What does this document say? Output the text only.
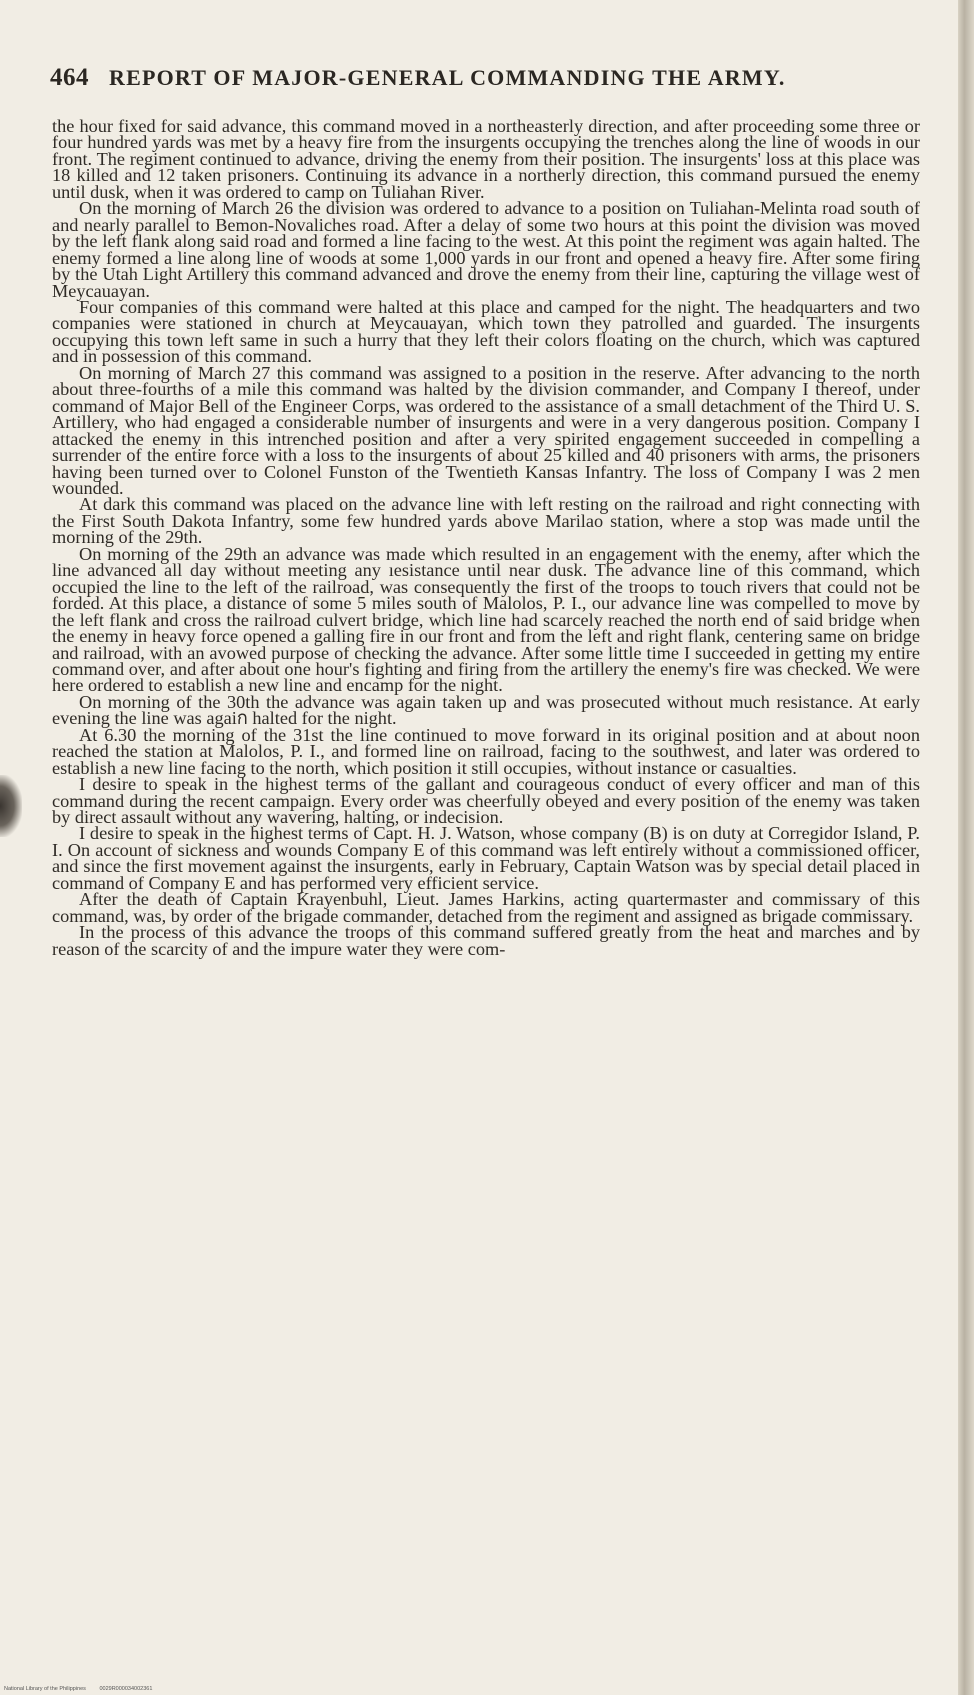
464 REPORT OF MAJOR-GENERAL COMMANDING THE ARMY.

the hour fixed for said advance, this command moved in a northeasterly direction, and after proceeding some three or four hundred yards was met by a heavy fire from the insurgents occupying the trenches along the line of woods in our front. The regiment continued to advance, driving the enemy from their position. The insurgents' loss at this place was 18 killed and 12 taken prisoners. Continuing its advance in a northerly direction, this command pursued the enemy until dusk, when it was ordered to camp on Tuliahan River.

On the morning of March 26 the division was ordered to advance to a position on Tuliahan-Melinta road south of and nearly parallel to Bemon-Novaliches road. After a delay of some two hours at this point the division was moved by the left flank along said road and formed a line facing to the west. At this point the regiment wɑs again halted. The enemy formed a line along line of woods at some 1,000 yards in our front and opened a heavy fire. After some firing by the Utah Light Artillery this command advanced and drove the enemy from their line, capturing the village west of Meycauayan.

Four companies of this command were halted at this place and camped for the night. The headquarters and two companies were stationed in church at Meycauayan, which town they patrolled and guarded. The insurgents occupying this town left same in such a hurry that they left their colors floating on the church, which was captured and in possession of this command.

On morning of March 27 this command was assigned to a position in the reserve. After advancing to the north about three-fourths of a mile this command was halted by the division commander, and Company I thereof, under command of Major Bell of the Engineer Corps, was ordered to the assistance of a small detachment of the Third U. S. Artillery, who had engaged a considerable number of insurgents and were in a very dangerous position. Company I attacked the enemy in this intrenched position and after a very spirited engagement succeeded in compelling a surrender of the entire force with a loss to the insurgents of about 25 killed and 40 prisoners with arms, the prisoners having been turned over to Colonel Funston of the Twentieth Kansas Infantry. The loss of Company I was 2 men wounded.

At dark this command was placed on the advance line with left resting on the railroad and right connecting with the First South Dakota Infantry, some few hundred yards above Marilao station, where a stop was made until the morning of the 29th.

On morning of the 29th an advance was made which resulted in an engagement with the enemy, after which the line advanced all day without meeting any ıesistance until near dusk. The advance line of this command, which occupied the line to the left of the railroad, was consequently the first of the troops to touch rivers that could not be forded. At this place, a distance of some 5 miles south of Malolos, P. I., our advance line was compelled to move by the left flank and cross the railroad culvert bridge, which line had scarcely reached the north end of said bridge when the enemy in heavy force opened a galling fire in our front and from the left and right flank, centering same on bridge and railroad, with an avowed purpose of checking the advance. After some little time I succeeded in getting my entire command over, and after about one hour's fighting and firing from the artillery the enemy's fire was checked. We were here ordered to establish a new line and encamp for the night.

On morning of the 30th the advance was again taken up and was prosecuted without much resistance. At early evening the line was agaiก halted for the night.

At 6.30 the morning of the 31st the line continued to move forward in its original position and at about noon reached the station at Malolos, P. I., and formed line on railroad, facing to the southwest, and later was ordered to establish a new line facing to the north, which position it still occupies, without instance or casualties.

I desire to speak in the highest terms of the gallant and courageous conduct of every officer and man of this command during the recent campaign. Every order was cheerfully obeyed and every position of the enemy was taken by direct assault without any wavering, halting, or indecision.

I desire to speak in the highest terms of Capt. H. J. Watson, whose company (B) is on duty at Corregidor Island, P. I. On account of sickness and wounds Company E of this command was left entirely without a commissioned officer, and since the first movement against the insurgents, early in February, Captain Watson was by special detail placed in command of Company E and has performed very efficient service.

After the death of Captain Krayenbuhl, Lieut. James Harkins, acting quartermaster and commissary of this command, was, by order of the brigade commander, detached from the regiment and assigned as brigade commissary.

In the process of this advance the troops of this command suffered greatly from the heat and marches and by reason of the scarcity of and the impure water they were com-

National Library of the Philippines 0029R000034002361
